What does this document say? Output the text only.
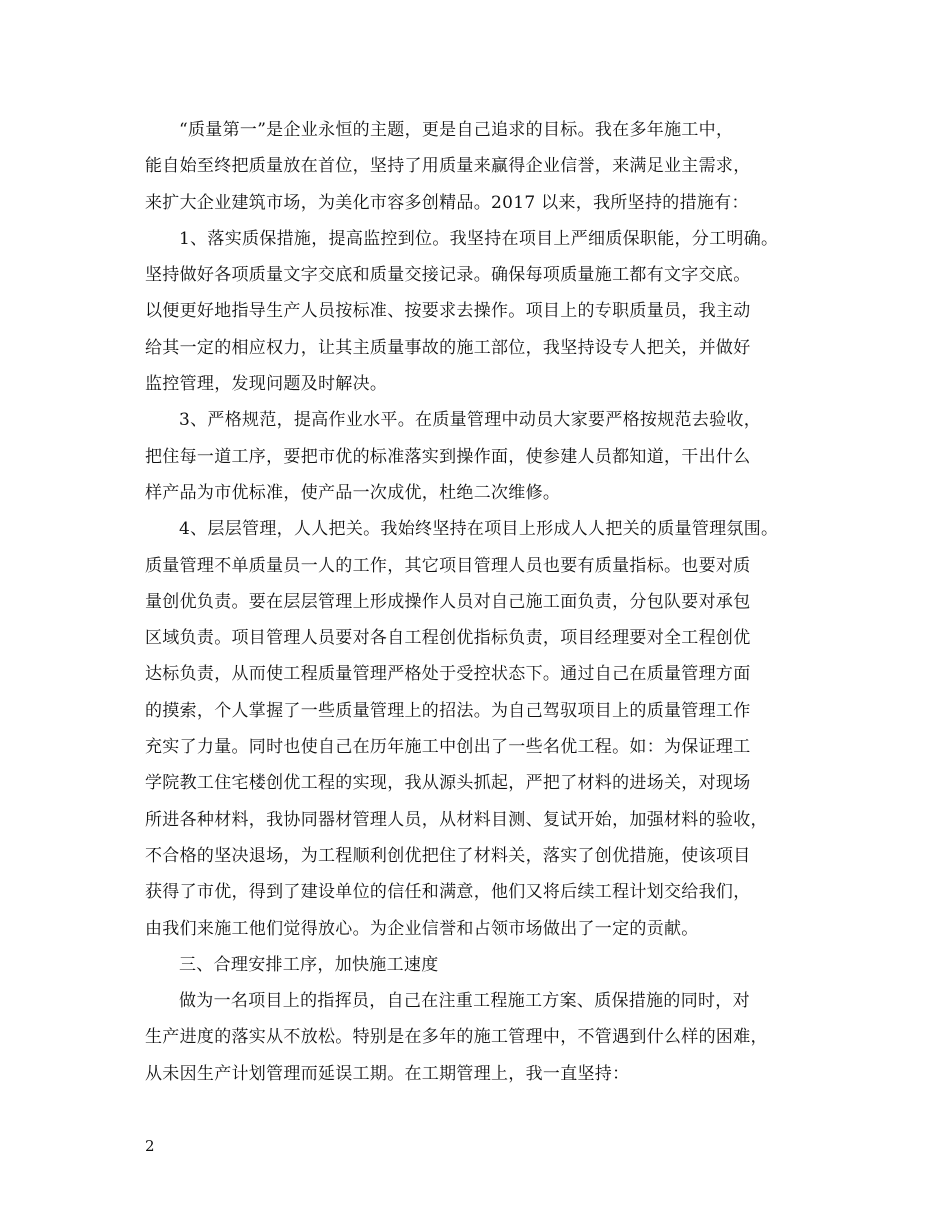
“质量第一”是企业永恒的主题，更是自己追求的目标。我在多年施工中，
能自始至终把质量放在首位，坚持了用质量来赢得企业信誉，来满足业主需求，
来扩大企业建筑市场，为美化市容多创精品。2017 以来，我所坚持的措施有：
1、落实质保措施，提高监控到位。我坚持在项目上严细质保职能，分工明确。
坚持做好各项质量文字交底和质量交接记录。确保每项质量施工都有文字交底。
以便更好地指导生产人员按标准、按要求去操作。项目上的专职质量员，我主动
给其一定的相应权力，让其主质量事故的施工部位，我坚持设专人把关，并做好
监控管理，发现问题及时解决。
3、严格规范，提高作业水平。在质量管理中动员大家要严格按规范去验收，
把住每一道工序，要把市优的标准落实到操作面，使参建人员都知道，干出什么
样产品为市优标准，使产品一次成优，杜绝二次维修。
4、层层管理，人人把关。我始终坚持在项目上形成人人把关的质量管理氛围。
质量管理不单质量员一人的工作，其它项目管理人员也要有质量指标。也要对质
量创优负责。要在层层管理上形成操作人员对自己施工面负责，分包队要对承包
区域负责。项目管理人员要对各自工程创优指标负责，项目经理要对全工程创优
达标负责，从而使工程质量管理严格处于受控状态下。通过自己在质量管理方面
的摸索，个人掌握了一些质量管理上的招法。为自己驾驭项目上的质量管理工作
充实了力量。同时也使自己在历年施工中创出了一些名优工程。如：为保证理工
学院教工住宅楼创优工程的实现，我从源头抓起，严把了材料的进场关，对现场
所进各种材料，我协同器材管理人员，从材料目测、复试开始，加强材料的验收，
不合格的坚决退场，为工程顺利创优把住了材料关，落实了创优措施，使该项目
获得了市优，得到了建设单位的信任和满意，他们又将后续工程计划交给我们，
由我们来施工他们觉得放心。为企业信誉和占领市场做出了一定的贡献。
三、合理安排工序，加快施工速度
做为一名项目上的指挥员，自己在注重工程施工方案、质保措施的同时，对
生产进度的落实从不放松。特别是在多年的施工管理中，不管遇到什么样的困难，
从未因生产计划管理而延误工期。在工期管理上，我一直坚持：
2
